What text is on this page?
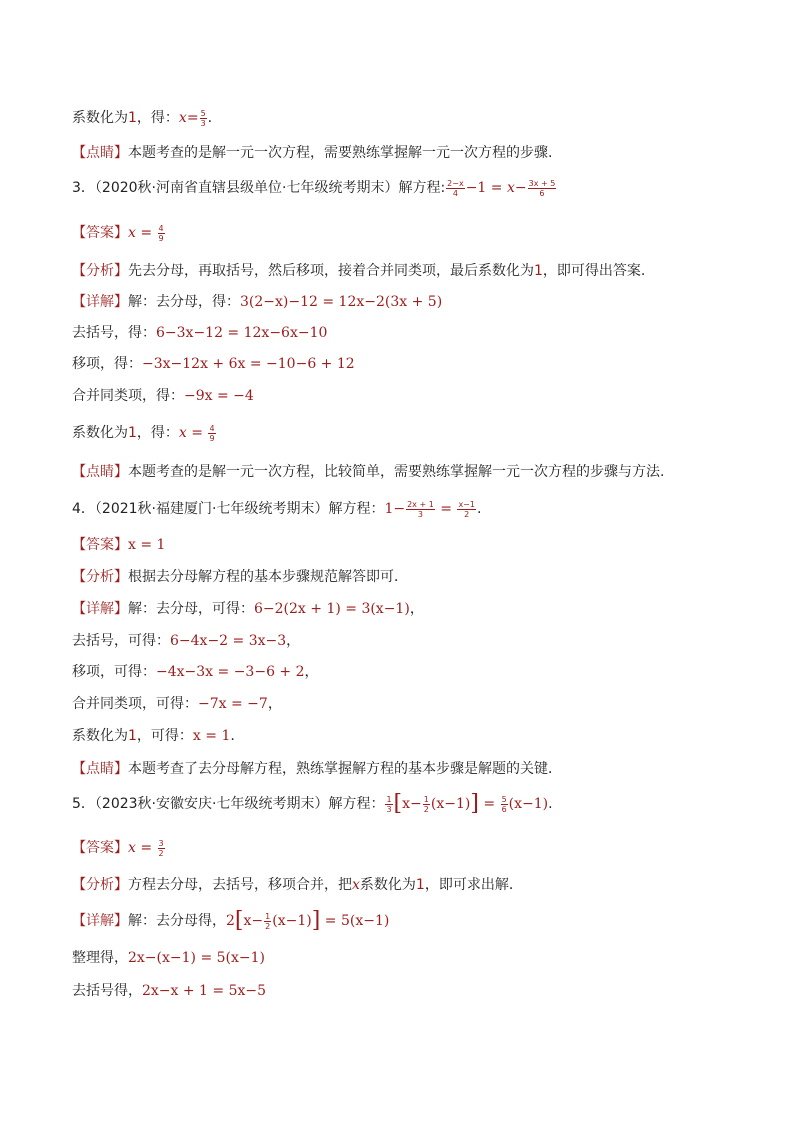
系数化为1，得：$x= \frac{5}{3}$ .
【点睛】本题考查的是解一元一次方程，需要熟练掌握解一元一次方程的步骤.
3．（2020秋·河南省直辖县级单位·七年级统考期末）解方程: $\frac{2-x}{4} -1 = x- \frac{3x + 5}{6}$
【答案】$x = \frac{4}{9}$
【分析】先去分母，再取括号，然后移项，接着合并同类项，最后系数化为1，即可得出答案.
【详解】解：去分母，得：3(2−x)−12 = 12x−2(3x + 5)
去括号，得：6−3x−12 = 12x−6x−10
移项，得：−3x−12x + 6x = −10−6 + 12
合并同类项，得：−9x = −4
系数化为1，得：$x = \frac{4}{9}$
【点睛】本题考查的是解一元一次方程，比较简单，需要熟练掌握解一元一次方程的步骤与方法.
4．（2021秋·福建厦门·七年级统考期末）解方程：$1- \frac{2x + 1}{3} = \frac{x-1}{2}$ .
【答案】x = 1
【分析】根据去分母解方程的基本步骤规范解答即可．
【详解】解：去分母，可得：6−2(2x + 1) = 3(x−1)，
去括号，可得：6−4x−2 = 3x−3，
移项，可得：−4x−3x = −3−6 + 2，
合并同类项，可得：−7x = −7，
系数化为1，可得：x = 1.
【点睛】本题考查了去分母解方程，熟练掌握解方程的基本步骤是解题的关键．
5．（2023秋·安徽安庆·七年级统考期末）解方程： $\frac{1}{3} [x- \frac{1}{2} (x-1)] = \frac{5}{6} (x-1)$.
【答案】$x = \frac{3}{2}$
【分析】方程去分母，去括号，移项合并，把x系数化为1，即可求出解．
【详解】解：去分母得，$2[x- \frac{1}{2} (x-1)] = 5(x-1)$
整理得，2x−(x−1) = 5(x−1)
去括号得，2x−x + 1 = 5x−5
